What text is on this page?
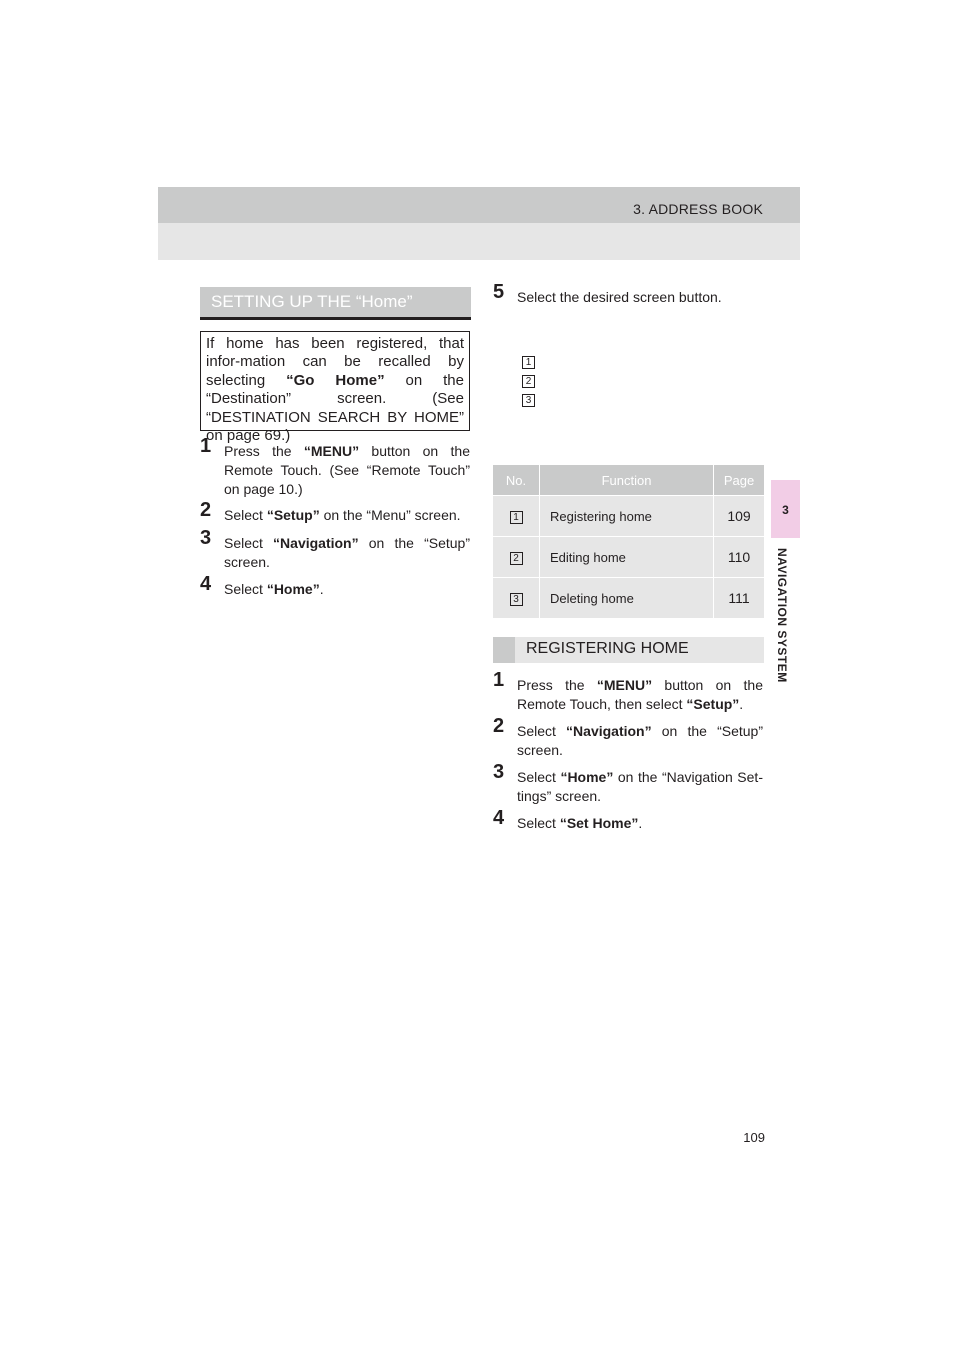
3. ADDRESS BOOK
3
NAVIGATION SYSTEM
SETTING UP THE “Home”

If home has been registered, that infor-mation can be recalled by selecting “Go Home” on the “Destination” screen. (See “DESTINATION SEARCH BY HOME” on page 69.)

1 Press the “MENU” button on the Remote Touch. (See “Remote Touch” on page 10.)
2 Select “Setup” on the “Menu” screen.
3 Select “Navigation” on the “Setup” screen.
4 Select “Home”.
5 Select the desired screen button.
1
2
3
No.	Function	Page
1	Registering home	109
2	Editing home	110
3	Deleting home	111
REGISTERING HOME
1 Press the “MENU” button on the Remote Touch, then select “Setup”.
2 Select “Navigation” on the “Setup” screen.
3 Select “Home” on the “Navigation Set-tings” screen.
4 Select “Set Home”.
109
